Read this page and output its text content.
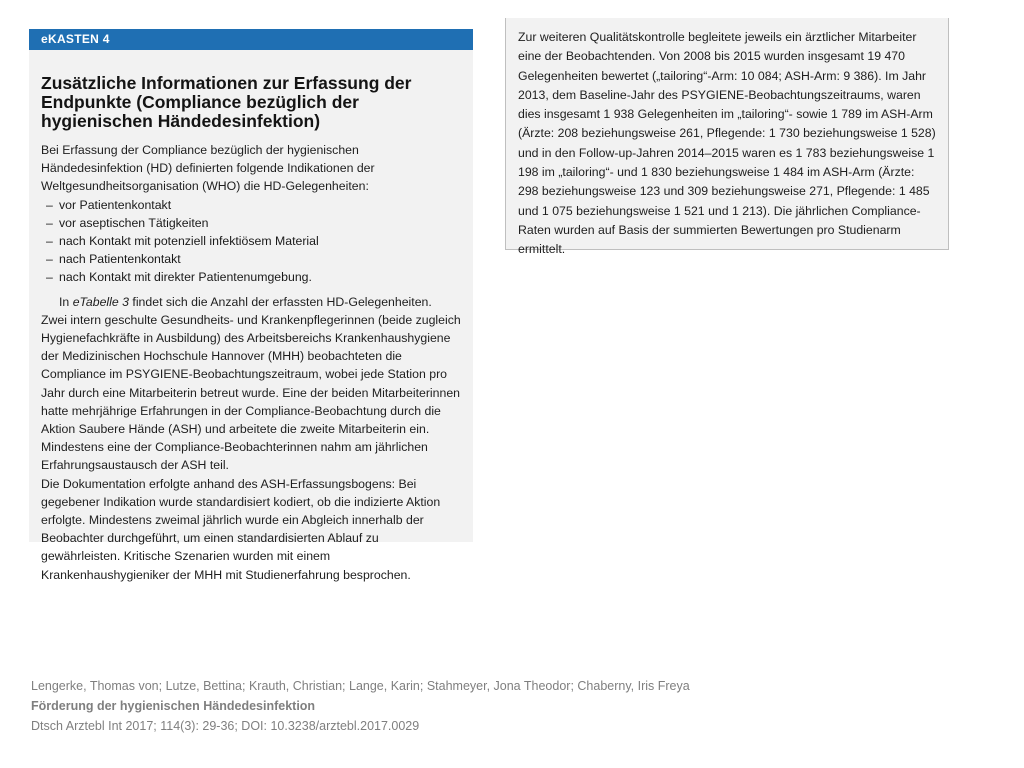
eKASTEN 4
Zusätzliche Informationen zur Erfassung der Endpunkte (Compliance bezüglich der hygienischen Händedesinfektion)

Bei Erfassung der Compliance bezüglich der hygienischen Händedesinfektion (HD) definierten folgende Indikationen der Weltgesundheitsorganisation (WHO) die HD-Gelegenheiten:

– vor Patientenkontakt
– vor aseptischen Tätigkeiten
– nach Kontakt mit potenziell infektiösem Material
– nach Patientenkontakt
– nach Kontakt mit direkter Patientenumgebung.

In eTabelle 3 findet sich die Anzahl der erfassten HD-Gelegenheiten. Zwei intern geschulte Gesundheits- und Krankenpflegerinnen (beide zugleich Hygienefachkräfte in Ausbildung) des Arbeitsbereichs Krankenhaushygiene der Medizinischen Hochschule Hannover (MHH) beobachteten die Compliance im PSYGIENE-Beobachtungszeitraum, wobei jede Station pro Jahr durch eine Mitarbeiterin betreut wurde. Eine der beiden Mitarbeiterinnen hatte mehrjährige Erfahrungen in der Compliance-Beobachtung durch die Aktion Saubere Hände (ASH) und arbeitete die zweite Mitarbeiterin ein. Mindestens eine der Compliance-Beobachterinnen nahm am jährlichen Erfahrungsaustausch der ASH teil.

Die Dokumentation erfolgte anhand des ASH-Erfassungsbogens: Bei gegebener Indikation wurde standardisiert kodiert, ob die indizierte Aktion erfolgte. Mindestens zweimal jährlich wurde ein Abgleich innerhalb der Beobachter durchgeführt, um einen standardisierten Ablauf zu gewährleisten. Kritische Szenarien wurden mit einem Krankenhaushygieniker der MHH mit Studienerfahrung besprochen.

Zur weiteren Qualitätskontrolle begleitete jeweils ein ärztlicher Mitarbeiter eine der Beobachtenden. Von 2008 bis 2015 wurden insgesamt 19 470 Gelegenheiten bewertet („tailoring“-Arm: 10 084; ASH-Arm: 9 386). Im Jahr 2013, dem Baseline-Jahr des PSYGIENE-Beobachtungszeitraums, waren dies insgesamt 1 938 Gelegenheiten im „tailoring“- sowie 1 789 im ASH-Arm (Ärzte: 208 beziehungsweise 261, Pflegende: 1 730 beziehungsweise 1 528) und in den Follow-up-Jahren 2014–2015 waren es 1 783 beziehungsweise 1 198 im „tailoring“- und 1 830 beziehungsweise 1 484 im ASH-Arm (Ärzte: 298 beziehungsweise 123 und 309 beziehungsweise 271, Pflegende: 1 485 und 1 075 beziehungsweise 1 521 und 1 213). Die jährlichen Compliance-Raten wurden auf Basis der summierten Bewertungen pro Studienarm ermittelt.

Lengerke, Thomas von; Lutze, Bettina; Krauth, Christian; Lange, Karin; Stahmeyer, Jona Theodor; Chaberny, Iris Freya
Förderung der hygienischen Händedesinfektion
Dtsch Arztebl Int 2017; 114(3): 29-36; DOI: 10.3238/arztebl.2017.0029
